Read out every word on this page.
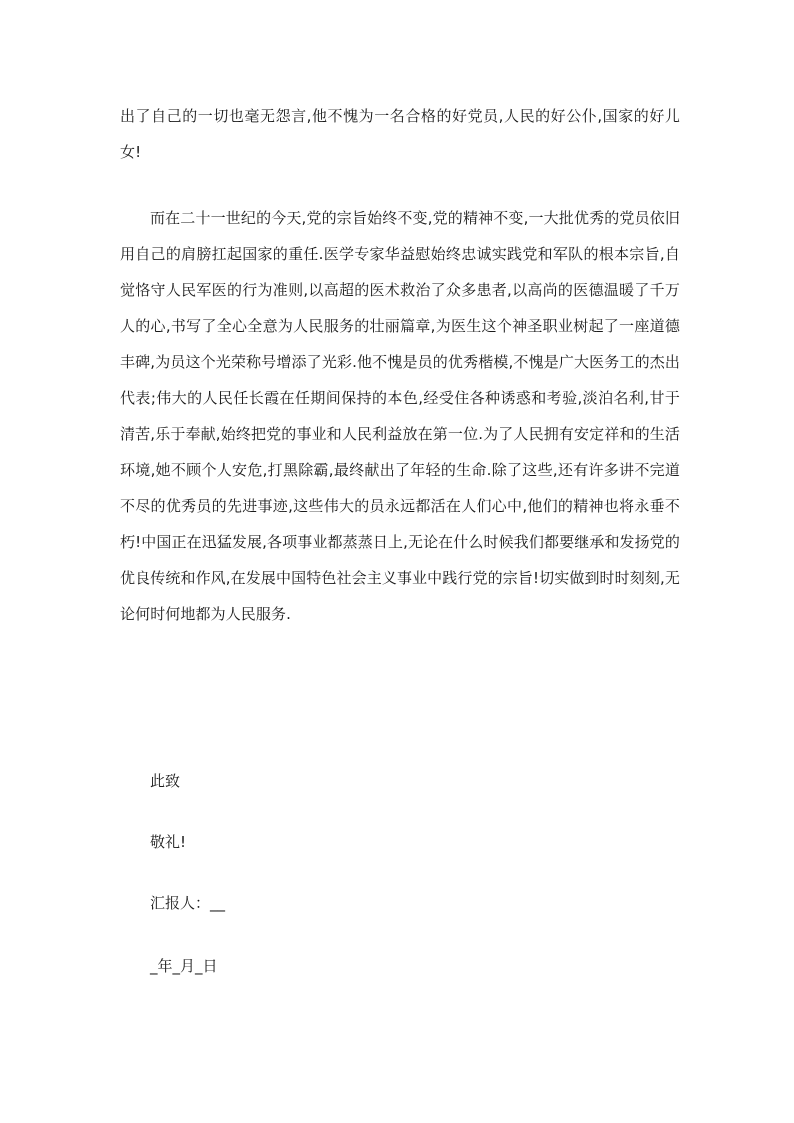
出了自己的一切也毫无怨言,他不愧为一名合格的好党员,人民的好公仆,国家的好儿女!

而在二十一世纪的今天,党的宗旨始终不变,党的精神不变,一大批优秀的党员依旧用自己的肩膀扛起国家的重任.医学专家华益慰始终忠诚实践党和军队的根本宗旨,自觉恪守人民军医的行为准则,以高超的医术救治了众多患者,以高尚的医德温暖了千万人的心,书写了全心全意为人民服务的壮丽篇章,为医生这个神圣职业树起了一座道德丰碑,为员这个光荣称号增添了光彩.他不愧是员的优秀楷模,不愧是广大医务工的杰出代表;伟大的人民任长霞在任期间保持的本色,经受住各种诱惑和考验,淡泊名利,甘于清苦,乐于奉献,始终把党的事业和人民利益放在第一位.为了人民拥有安定祥和的生活环境,她不顾个人安危,打黑除霸,最终献出了年轻的生命.除了这些,还有许多讲不完道不尽的优秀员的先进事迹,这些伟大的员永远都活在人们心中,他们的精神也将永垂不朽!中国正在迅猛发展,各项事业都蒸蒸日上,无论在什么时候我们都要继承和发扬党的优良传统和作风,在发展中国特色社会主义事业中践行党的宗旨!切实做到时时刻刻,无论何时何地都为人民服务.

此致
敬礼!
汇报人：__
_年_月_日
